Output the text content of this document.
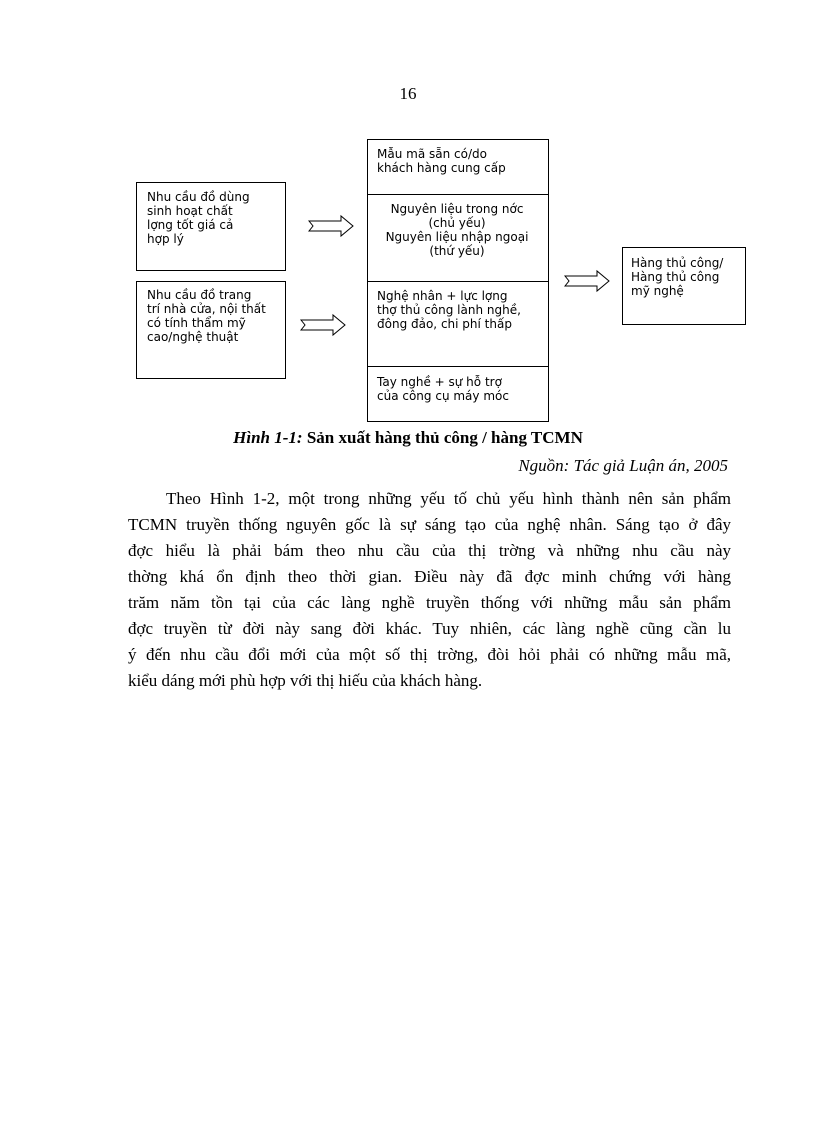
16
Nhu cầu đồ dùng
sinh hoạt chất
lợng tốt giá cả
hợp lý
Nhu cầu đồ trang
trí nhà cửa, nội thất
có tính thẩm mỹ
cao/nghệ thuật
Mẫu mã sẵn có/do
khách hàng cung cấp
Nguyên liệu trong nớc
(chủ yếu)
Nguyên liệu nhập ngoại
(thứ yếu)
Nghệ nhân + lực lợng
thợ thủ công lành nghề,
đông đảo, chi phí thấp
Tay nghề + sự hỗ trợ
của công cụ máy móc
Hàng thủ công/
Hàng thủ công
mỹ nghệ
Hình 1-1: Sản xuất hàng thủ công / hàng TCMN
Nguồn: Tác giả Luận án, 2005
Theo Hình 1-2, một trong những yếu tố chủ yếu hình thành nên sản phẩm
TCMN truyền thống nguyên gốc là sự sáng tạo của nghệ nhân. Sáng tạo ở đây
đợc hiểu là phải bám theo nhu cầu của thị trờng và những nhu cầu này
thờng khá ổn định theo thời gian. Điều này đã đợc minh chứng với hàng
trăm năm tồn tại của các làng nghề truyền thống với những mẫu sản phẩm
đợc truyền từ đời này sang đời khác. Tuy nhiên, các làng nghề cũng cần lu
ý đến nhu cầu đổi mới của một số thị trờng, đòi hỏi phải có những mẫu mã,
kiểu dáng mới phù hợp với thị hiếu của khách hàng.
